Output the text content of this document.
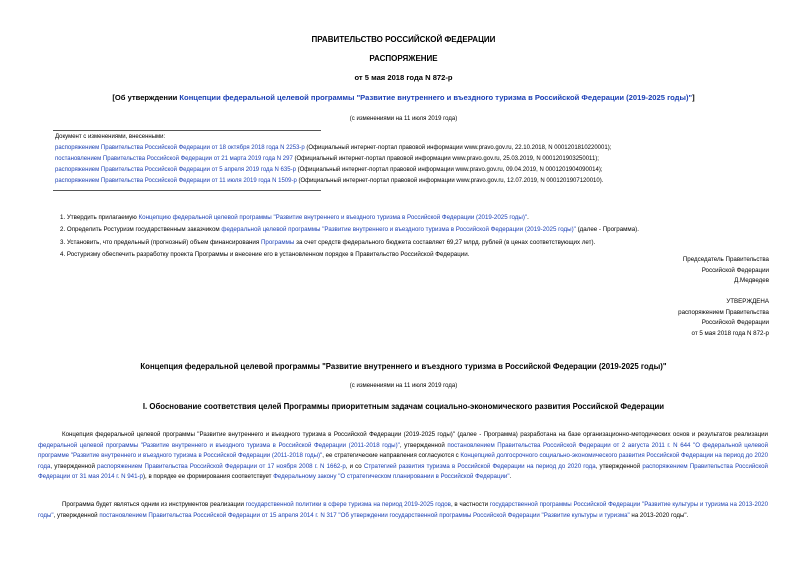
ПРАВИТЕЛЬСТВО РОССИЙСКОЙ ФЕДЕРАЦИИ
РАСПОРЯЖЕНИЕ
от 5 мая 2018 года N 872-р
[Об утверждении Концепции федеральной целевой программы "Развитие внутреннего и въездного туризма в Российской Федерации (2019-2025 годы)"]
(с изменениями на 11 июля 2019 года)
Документ с изменениями, внесенными:
распоряжением Правительства Российской Федерации от 18 октября 2018 года N 2253-р (Официальный интернет-портал правовой информации www.pravo.gov.ru, 22.10.2018, N 0001201810220001);
постановлением Правительства Российской Федерации от 21 марта 2019 года N 297 (Официальный интернет-портал правовой информации www.pravo.gov.ru, 25.03.2019, N 0001201903250011);
распоряжением Правительства Российской Федерации от 5 апреля 2019 года N 635-р (Официальный интернет-портал правовой информации www.pravo.gov.ru, 09.04.2019, N 0001201904090014);
распоряжением Правительства Российской Федерации от 11 июля 2019 года N 1509-р (Официальный интернет-портал правовой информации www.pravo.gov.ru, 12.07.2019, N 0001201907120010).
1. Утвердить прилагаемую Концепцию федеральной целевой программы "Развитие внутреннего и въездного туризма в Российской Федерации (2019-2025 годы)".
2. Определить Ростуризм государственным заказчиком федеральной целевой программы "Развитие внутреннего и въездного туризма в Российской Федерации (2019-2025 годы)" (далее - Программа).
3. Установить, что предельный (прогнозный) объем финансирования Программы за счет средств федерального бюджета составляет 69,27 млрд. рублей (в ценах соответствующих лет).
4. Ростуризму обеспечить разработку проекта Программы и внесение его в установленном порядке в Правительство Российской Федерации.
Председатель Правительства
Российской Федерации
Д.Медведев
УТВЕРЖДЕНА
распоряжением Правительства
Российской Федерации
от 5 мая 2018 года N 872-р
Концепция федеральной целевой программы "Развитие внутреннего и въездного туризма в Российской Федерации (2019-2025 годы)"
(с изменениями на 11 июля 2019 года)
I. Обоснование соответствия целей Программы приоритетным задачам социально-экономического развития Российской Федерации

Концепция федеральной целевой программы "Развитие внутреннего и въездного туризма в Российской Федерации (2019-2025 годы)" (далее - Программа) разработана на базе организационно-методических основ и результатов реализации федеральной целевой программы "Развитие внутреннего и въездного туризма в Российской Федерации (2011-2018 годы)", утвержденной постановлением Правительства Российской Федерации от 2 августа 2011 г. N 644 "О федеральной целевой программе "Развитие внутреннего и въездного туризма в Российской Федерации (2011-2018 годы)", ее стратегические направления согласуются с Концепцией долгосрочного социально-экономического развития Российской Федерации на период до 2020 года, утвержденной распоряжением Правительства Российской Федерации от 17 ноября 2008 г. N 1662-р, и со Стратегией развития туризма в Российской Федерации на период до 2020 года, утвержденной распоряжением Правительства Российской Федерации от 31 мая 2014 г. N 941-р), в порядке ее формирования соответствует Федеральному закону "О стратегическом планировании в Российской Федерации".

Программа будет являться одним из инструментов реализации государственной политики в сфере туризма на период 2019-2025 годов, в частности государственной программы Российской Федерации "Развитие культуры и туризма на 2013-2020 годы", утвержденной постановлением Правительства Российской Федерации от 15 апреля 2014 г. N 317 "Об утверждении государственной программы Российской Федерации "Развитие культуры и туризма" на 2013-2020 годы".
